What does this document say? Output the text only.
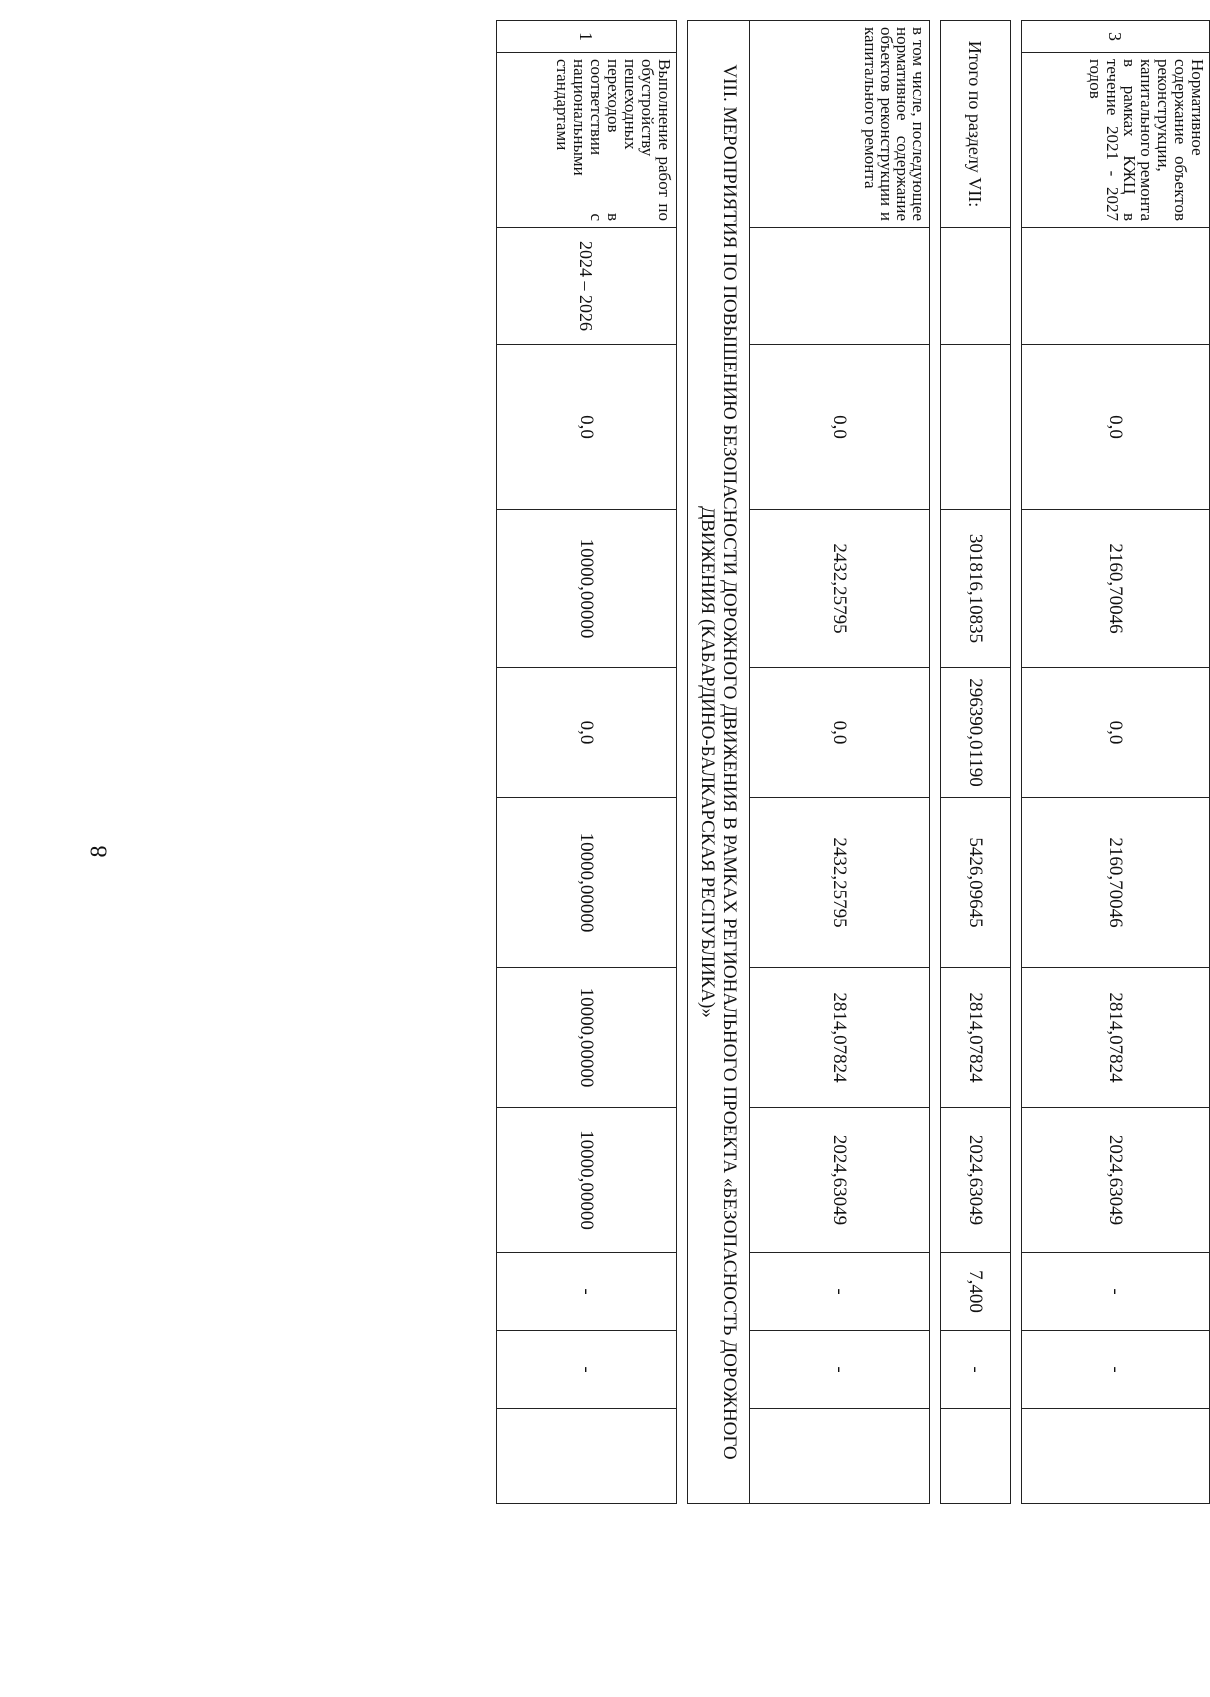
8
3	Нормативное содержание объектов реконструкции, капитального ремонта в рамках КЖЦ в течение 2021 - 2027 годов		0,0	2160,70046	0,0	2160,70046	2814,07824	2024,63049	-	-	

Итого по разделу VII:				301816,10835	296390,01190	5426,09645	2814,07824	2024,63049	7,400	-	

в том числе, последующее нормативное содержание объектов реконструкции и капитального ремонта			0,0	2432,25795	0,0	2432,25795	2814,07824	2024,63049	-	-	
VIII. МЕРОПРИЯТИЯ ПО ПОВЫШЕНИЮ БЕЗОПАСНОСТИ ДОРОЖНОГО ДВИЖЕНИЯ В РАМКАХ РЕГИОНАЛЬНОГО ПРОЕКТА «БЕЗОПАСНОСТЬ ДОРОЖНОГО ДВИЖЕНИЯ (КАБАРДИНО-БАЛКАРСКАЯ РЕСПУБЛИКА)»											

1	Выполнение работ по обустройству пешеходных переходов в соответствии с национальными стандартами	2024 – 2026	0,0	10000,00000	0,0	10000,00000	10000,00000	10000,00000	-	-	
